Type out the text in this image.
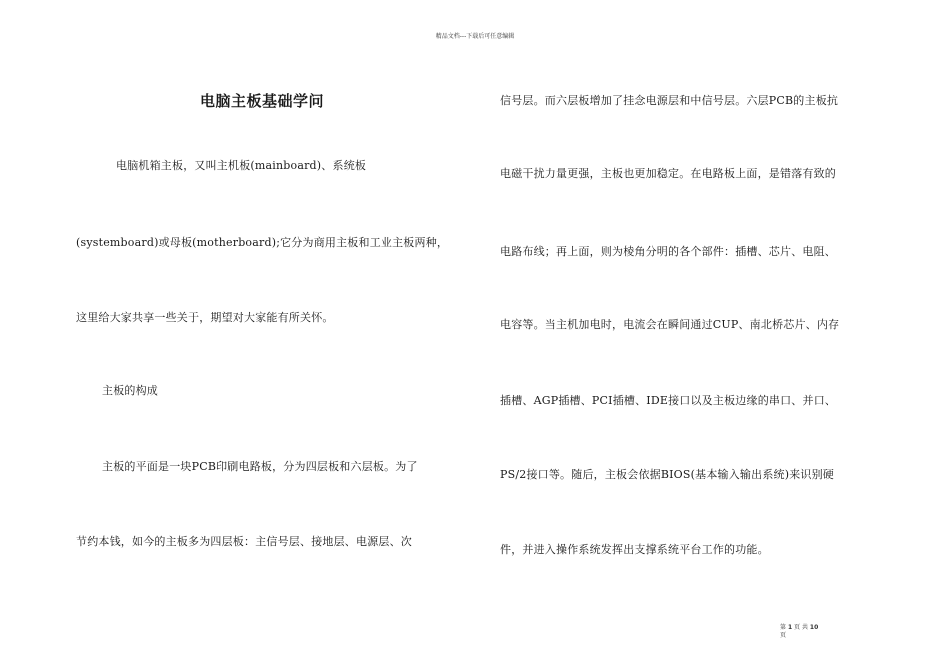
精品文档---下载后可任意编辑
电脑主板基础学问
电脑机箱主板，又叫主机板(mainboard)、系统板
(systemboard)或母板(motherboard);它分为商用主板和工业主板两种，
这里给大家共享一些关于，期望对大家能有所关怀。
主板的构成
主板的平面是一块PCB印刷电路板，分为四层板和六层板。为了
节约本钱，如今的主板多为四层板：主信号层、接地层、电源层、次
信号层。而六层板增加了挂念电源层和中信号层。六层PCB的主板抗
电磁干扰力量更强，主板也更加稳定。在电路板上面，是错落有致的
电路布线；再上面，则为棱角分明的各个部件：插槽、芯片、电阻、
电容等。当主机加电时，电流会在瞬间通过CUP、南北桥芯片、内存
插槽、AGP插槽、PCI插槽、IDE接口以及主板边缘的串口、并口、
PS/2接口等。随后，主板会依据BIOS(基本输入输出系统)来识别硬
件，并进入操作系统发挥出支撑系统平台工作的功能。
第 1 页 共 10
页
